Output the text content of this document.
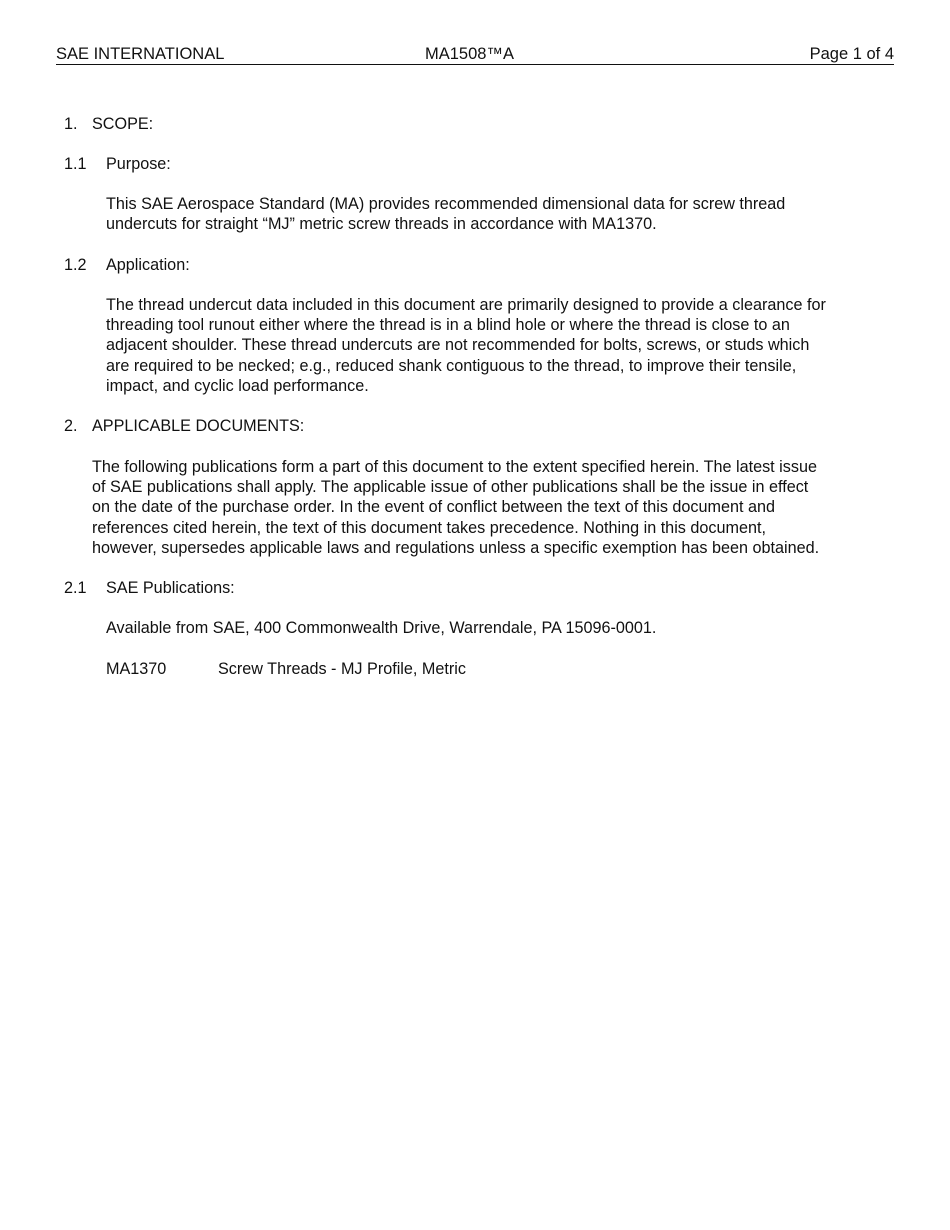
SAE INTERNATIONAL	MA1508™A	Page 1 of 4
1. SCOPE:
1.1 Purpose:
This SAE Aerospace Standard (MA) provides recommended dimensional data for screw thread
undercuts for straight “MJ” metric screw threads in accordance with MA1370.
1.2 Application:
The thread undercut data included in this document are primarily designed to provide a clearance for
threading tool runout either where the thread is in a blind hole or where the thread is close to an
adjacent shoulder. These thread undercuts are not recommended for bolts, screws, or studs which
are required to be necked; e.g., reduced shank contiguous to the thread, to improve their tensile,
impact, and cyclic load performance.
2. APPLICABLE DOCUMENTS:
The following publications form a part of this document to the extent specified herein. The latest issue
of SAE publications shall apply. The applicable issue of other publications shall be the issue in effect
on the date of the purchase order. In the event of conflict between the text of this document and
references cited herein, the text of this document takes precedence. Nothing in this document,
however, supersedes applicable laws and regulations unless a specific exemption has been obtained.
2.1 SAE Publications:
Available from SAE, 400 Commonwealth Drive, Warrendale, PA 15096-0001.
MA1370	Screw Threads - MJ Profile, Metric
